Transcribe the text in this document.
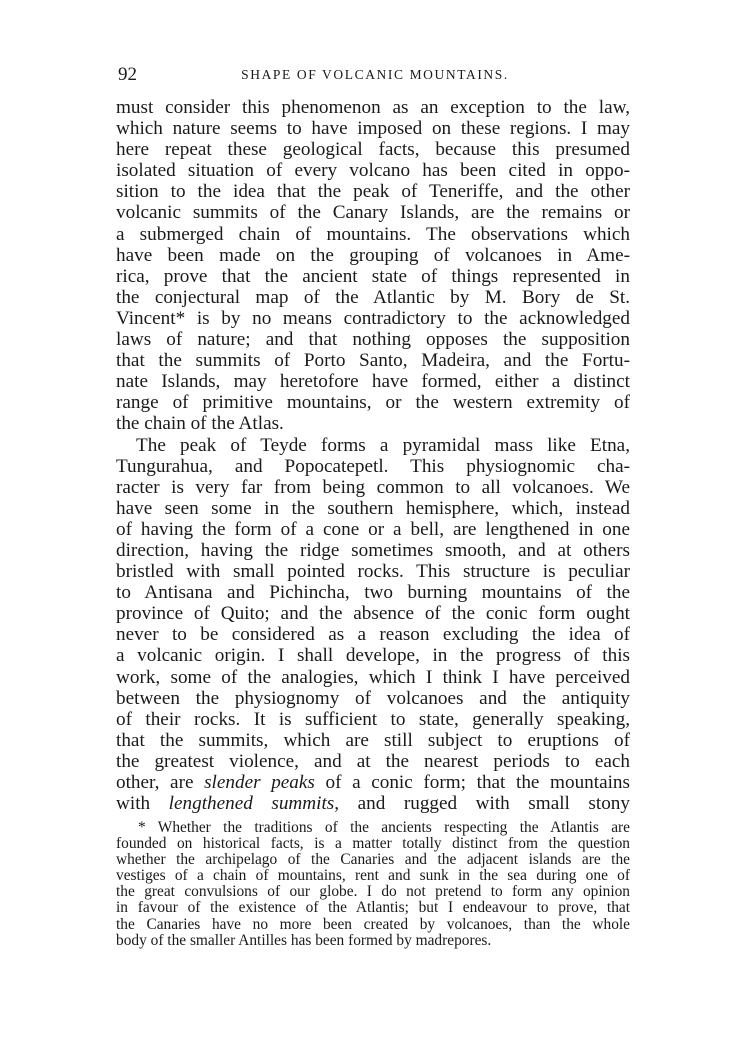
92	SHAPE OF VOLCANIC MOUNTAINS.
must consider this phenomenon as an exception to the law,
which nature seems to have imposed on these regions. I may
here repeat these geological facts, because this presumed
isolated situation of every volcano has been cited in oppo-
sition to the idea that the peak of Teneriffe, and the other
volcanic summits of the Canary Islands, are the remains or
a submerged chain of mountains. The observations which
have been made on the grouping of volcanoes in Ame-
rica, prove that the ancient state of things represented in
the conjectural map of the Atlantic by M. Bory de St.
Vincent* is by no means contradictory to the acknowledged
laws of nature; and that nothing opposes the supposition
that the summits of Porto Santo, Madeira, and the Fortu-
nate Islands, may heretofore have formed, either a distinct
range of primitive mountains, or the western extremity of
the chain of the Atlas.
The peak of Teyde forms a pyramidal mass like Etna,
Tungurahua, and Popocatepetl. This physiognomic cha-
racter is very far from being common to all volcanoes. We
have seen some in the southern hemisphere, which, instead
of having the form of a cone or a bell, are lengthened in one
direction, having the ridge sometimes smooth, and at others
bristled with small pointed rocks. This structure is peculiar
to Antisana and Pichincha, two burning mountains of the
province of Quito; and the absence of the conic form ought
never to be considered as a reason excluding the idea of
a volcanic origin. I shall develope, in the progress of this
work, some of the analogies, which I think I have perceived
between the physiognomy of volcanoes and the antiquity
of their rocks. It is sufficient to state, generally speaking,
that the summits, which are still subject to eruptions of
the greatest violence, and at the nearest periods to each
other, are slender peaks of a conic form; that the mountains
with lengthened summits, and rugged with small stony
* Whether the traditions of the ancients respecting the Atlantis are
founded on historical facts, is a matter totally distinct from the question
whether the archipelago of the Canaries and the adjacent islands are the
vestiges of a chain of mountains, rent and sunk in the sea during one of
the great convulsions of our globe. I do not pretend to form any opinion
in favour of the existence of the Atlantis; but I endeavour to prove, that
the Canaries have no more been created by volcanoes, than the whole
body of the smaller Antilles has been formed by madrepores.
